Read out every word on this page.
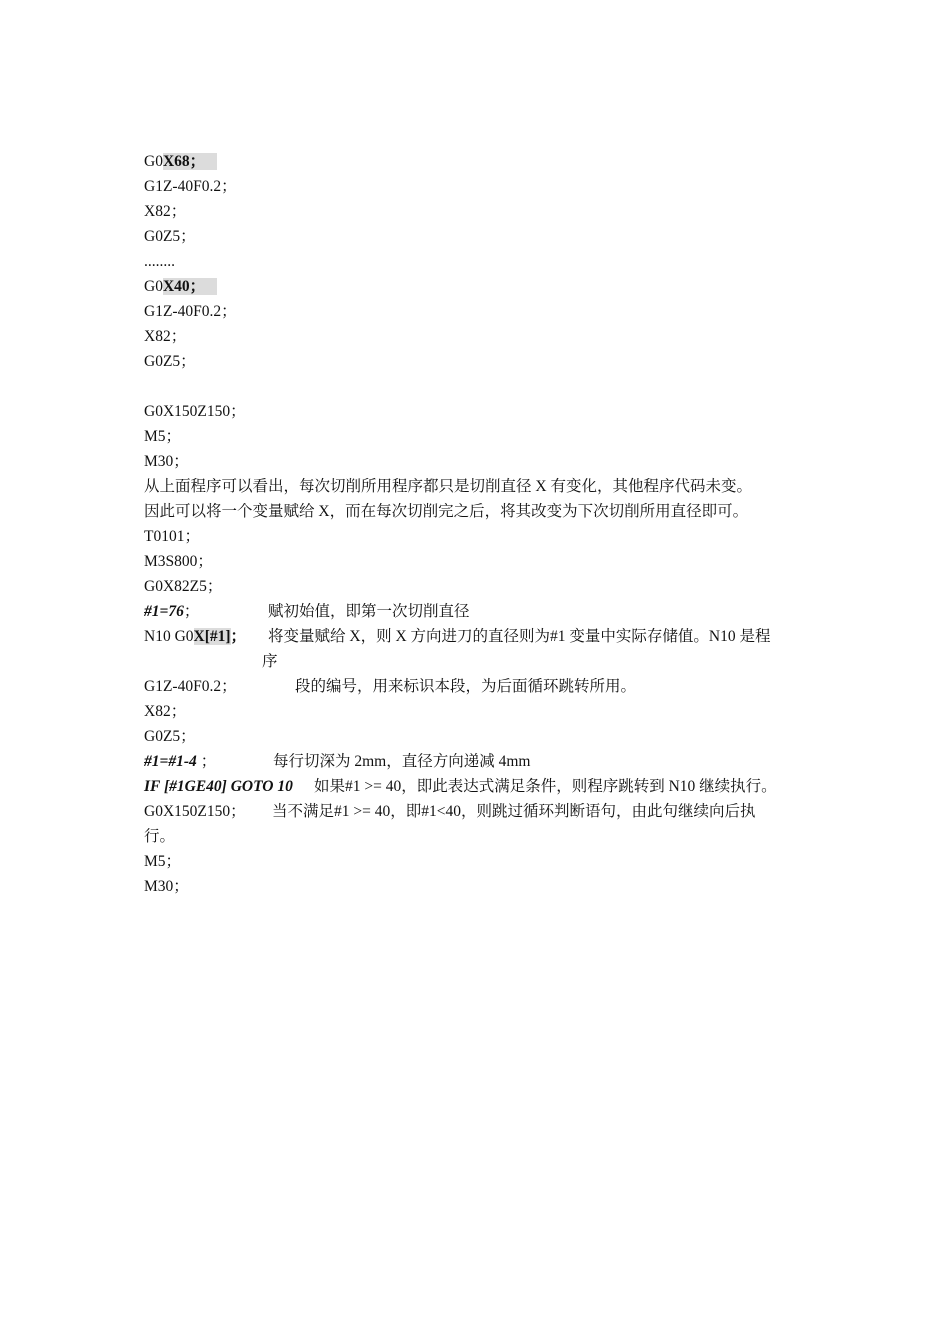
G0X68；
G1Z-40F0.2；
X82；
G0Z5；
........
G0X40；
G1Z-40F0.2；
X82；
G0Z5；
G0X150Z150；
M5；
M30；
从上面程序可以看出，每次切削所用程序都只是切削直径 X 有变化，其他程序代码未变。
因此可以将一个变量赋给 X，而在每次切削完之后，将其改变为下次切削所用直径即可。
T0101；
M3S800；
G0X82Z5；
#1=76；	赋初始值，即第一次切削直径
N10 G0X[#1]； 将变量赋给 X，则 X 方向进刀的直径则为#1 变量中实际存储值。N10 是程
序
G1Z-40F0.2；	段的编号，用来标识本段，为后面循环跳转所用。
X82；
G0Z5；
#1=#1-4 ；	每行切深为 2mm，直径方向递减 4mm
IF [#1GE40] GOTO 10 如果#1 >= 40，即此表达式满足条件，则程序跳转到 N10 继续执行。
G0X150Z150； 当不满足#1 >= 40，即#1<40，则跳过循环判断语句，由此句继续向后执
行。
M5；
M30；
